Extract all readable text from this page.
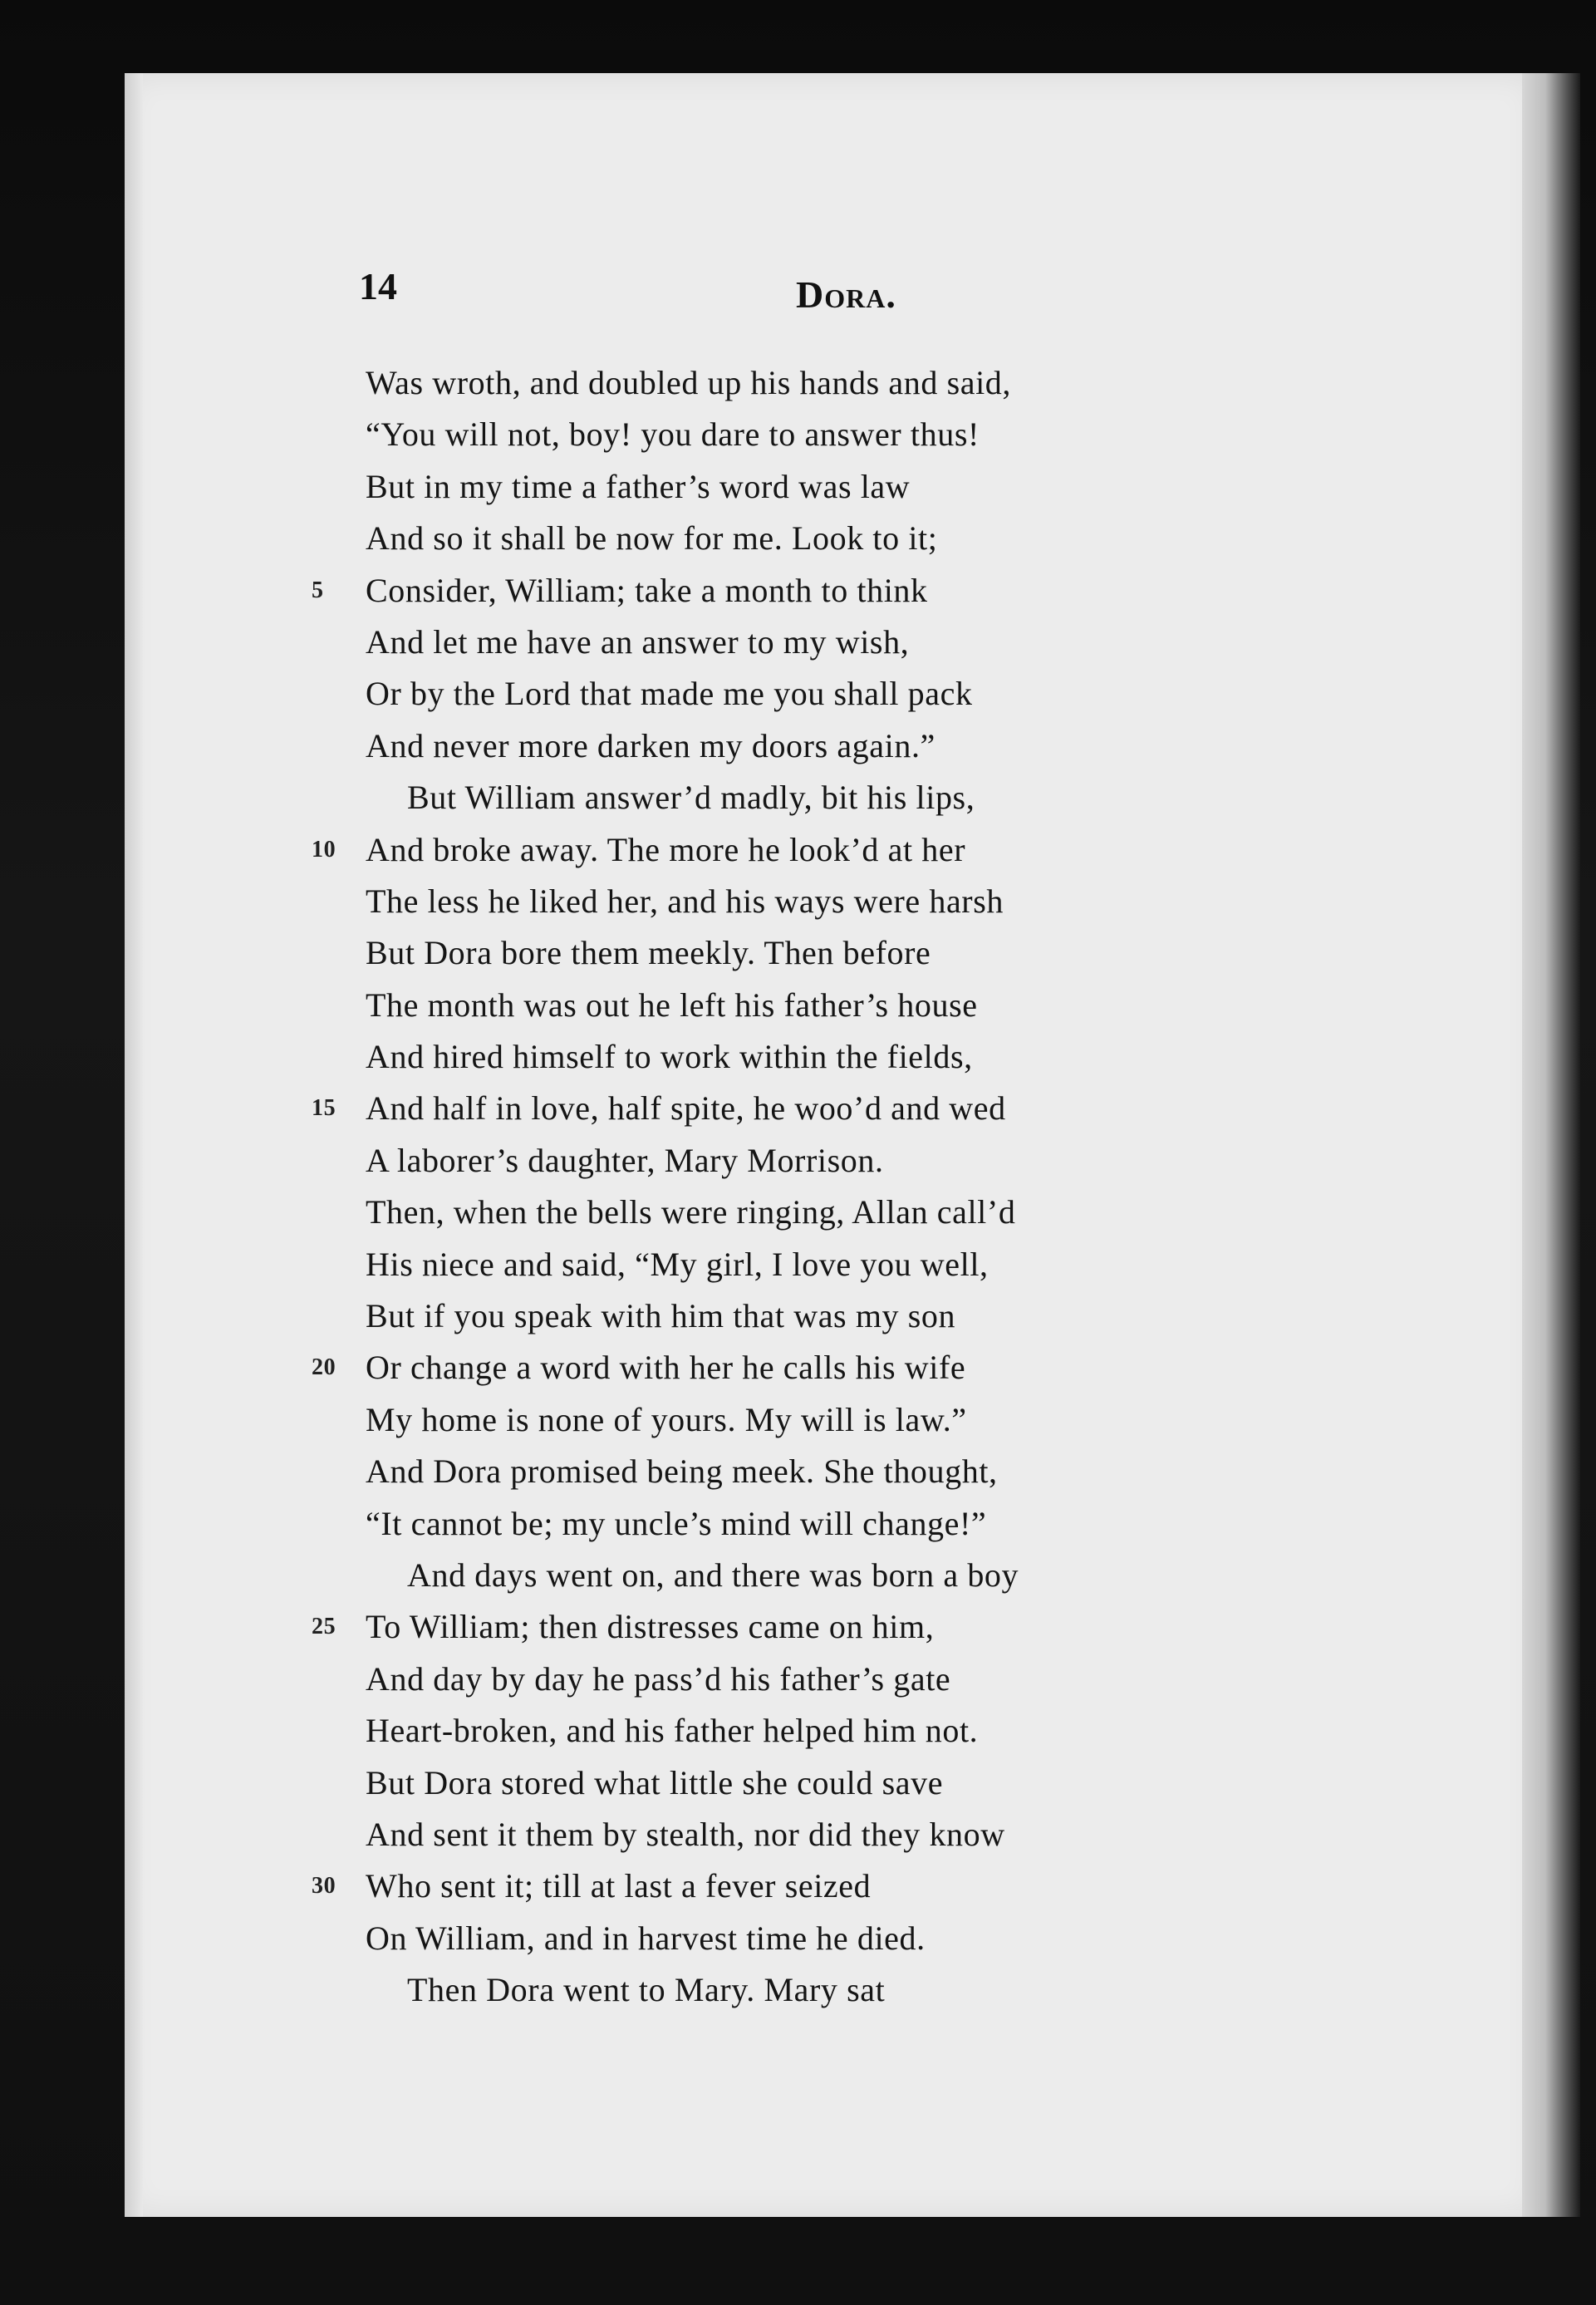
14	Dora.
Was wroth, and doubled up his hands and said,
“You will not, boy! you dare to answer thus!
But in my time a father’s word was law
And so it shall be now for me. Look to it;
5	Consider, William; take a month to think
And let me have an answer to my wish,
Or by the Lord that made me you shall pack
And never more darken my doors again.”
But William answer’d madly, bit his lips,
10 And broke away. The more he look’d at her
The less he liked her, and his ways were harsh
But Dora bore them meekly. Then before
The month was out he left his father’s house
And hired himself to work within the fields,
15 And half in love, half spite, he woo’d and wed
A laborer’s daughter, Mary Morrison.
Then, when the bells were ringing, Allan call’d
His niece and said, “My girl, I love you well,
But if you speak with him that was my son
20 Or change a word with her he calls his wife
My home is none of yours. My will is law.”
And Dora promised being meek. She thought,
“It cannot be; my uncle’s mind will change!”
And days went on, and there was born a boy
25 To William; then distresses came on him,
And day by day he pass’d his father’s gate
Heart-broken, and his father helped him not.
But Dora stored what little she could save
And sent it them by stealth, nor did they know
30 Who sent it; till at last a fever seized
On William, and in harvest time he died.
Then Dora went to Mary. Mary sat
